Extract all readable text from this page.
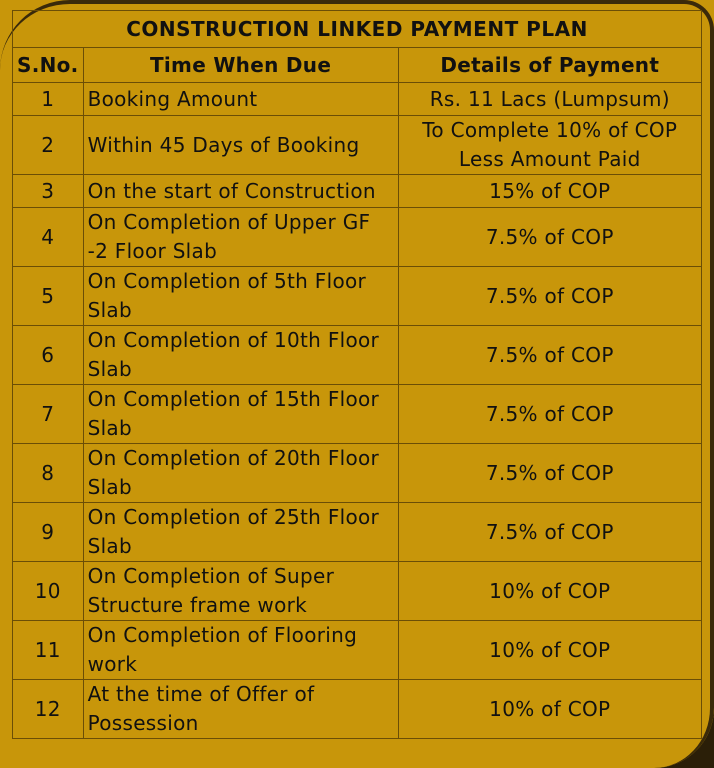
CONSTRUCTION LINKED PAYMENT PLAN		
S.No.	Time When Due	Details of Payment
1	Booking Amount	Rs. 11 Lacs (Lumpsum)
2	Within 45 Days of Booking	To Complete 10% of COP Less Amount Paid
3	On the start of Construction	15% of COP
4	On Completion of Upper GF -2 Floor Slab	7.5% of COP
5	On Completion of 5th Floor Slab	7.5% of COP
6	On Completion of 10th Floor Slab	7.5% of COP
7	On Completion of 15th Floor Slab	7.5% of COP
8	On Completion of 20th Floor Slab	7.5% of COP
9	On Completion of 25th Floor Slab	7.5% of COP
10	On Completion of Super Structure frame work	10% of COP
11	On Completion of Flooring work	10% of COP
12	At the time of Offer of Possession	10% of COP
